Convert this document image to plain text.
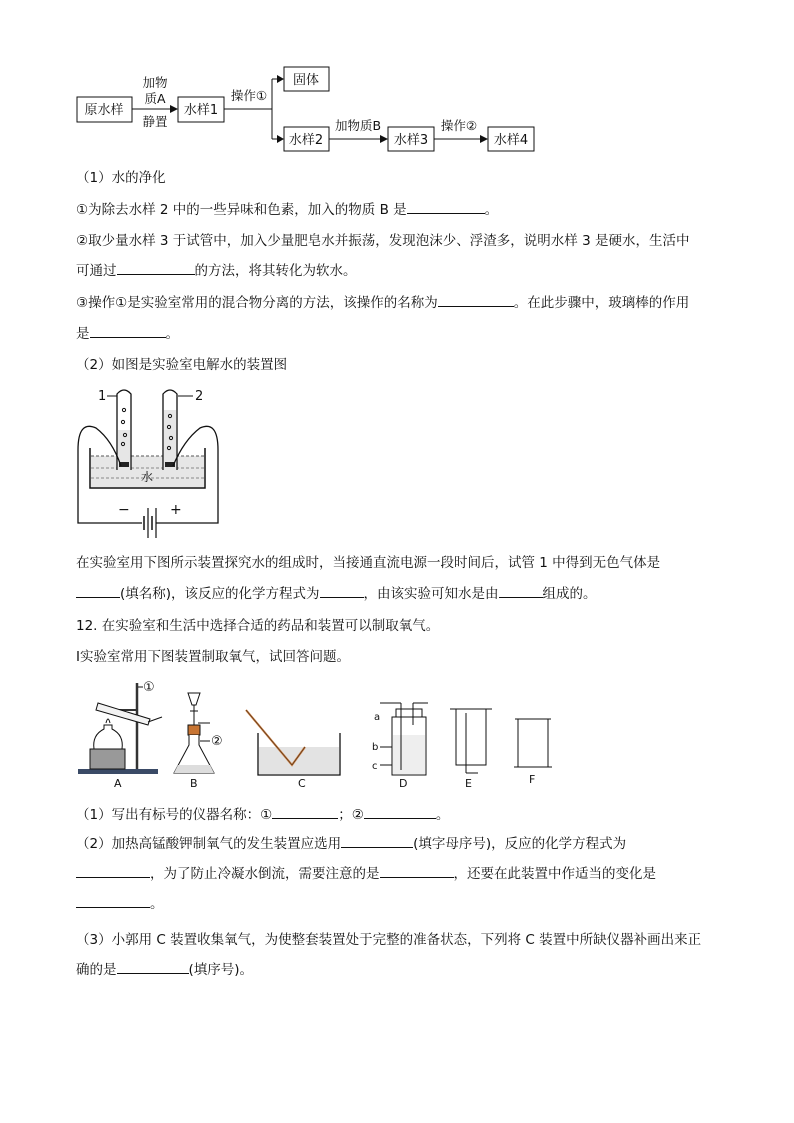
原水样
加物
质A
静置
水样1
操作①
固体
水样2
加物质B
水样3
操作②
水样4
（1）水的净化
①为除去水样 2 中的一些异味和色素，加入的物质 B 是	。
②取少量水样 3 于试管中，加入少量肥皂水并振荡，发现泡沫少、浮渣多，说明水样 3 是硬水，生活中
可通过	的方法，将其转化为软水。
③操作①是实验室常用的混合物分离的方法，该操作的名称为	。在此步骤中，玻璃棒的作用
是	。
（2）如图是实验室电解水的装置图
1	2
水
−	+
在实验室用下图所示装置探究水的组成时，当接通直流电源一段时间后，试管 1 中得到无色气体是
(填名称)，该反应的化学方程式为	，由该实验可知水是由	组成的。
12. 在实验室和生活中选择合适的药品和装置可以制取氧气。
Ⅰ实验室常用下图装置制取氧气，试回答问题。
①
A
②
B	C
a
b
c
D	E	F
（1）写出有标号的仪器名称：①	；②	。
（2）加热高锰酸钾制氧气的发生装置应选用	(填字母序号)，反应的化学方程式为
，为了防止冷凝水倒流，需要注意的是	，还要在此装置中作适当的变化是
。
（3）小郭用 C 装置收集氧气，为使整套装置处于完整的准备状态，下列将 C 装置中所缺仪器补画出来正
确的是	(填序号)。
